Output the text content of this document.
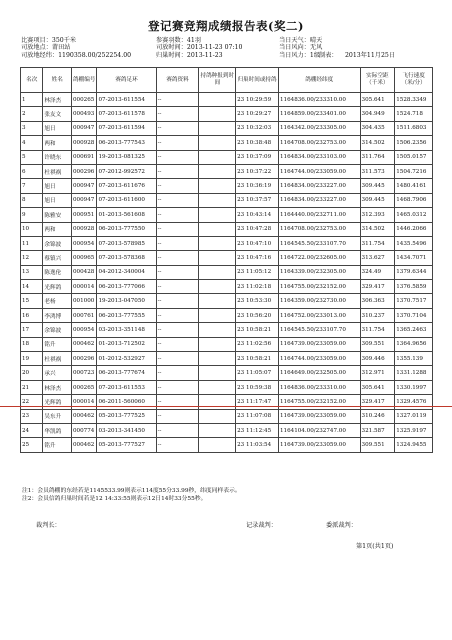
登记赛竞翔成绩报告表(奖二)
比赛项目：350千米
司放地点：莆田站
司放地经纬：1190358.00/252254.00
参赛羽数：41羽
司放时间：2013-11-23 07:10
归巢时间：2013-11-23
当日天气：晴天
当日风向：无风
当日风力：1级
制表： 2013年11月25日
名次	姓名	鸽棚编号	赛鸽足环	赛鸽资料	持鸽种报到时间	归巢时间或持鸽	鸽棚经纬度	实际空距（千米）	飞行速度（米/分）
1	林泽杰	000265	07-2013-611554	--		23 10:29:59	1164836.00/233310.00	305.641	1528.3349
2	张友文	000493	07-2013-611578	--		23 10:29:27	1164859.00/233401.00	304.949	1524.718
3	旭日	000947	07-2013-611594	--		23 10:32:03	1164342.00/233305.00	304.435	1511.6803
4	两和	000928	06-2013-777543	--		23 10:38:48	1164708.00/232753.00	314.502	1506.2356
5	许晓东	000691	19-2013-081325	--		23 10:37:09	1164834.00/233103.00	311.764	1505.0157
6	杜祺祸	000296	07-2012-992572	--		23 10:37:22	1164744.00/233059.00	311.573	1504.7216
7	旭日	000947	07-2013-611676	--		23 10:36:19	1164834.00/233227.00	309.445	1480.4161
8	旭日	000947	07-2013-611600	--		23 10:37:57	1164834.00/233227.00	309.445	1468.7906
9	陈雅安	000951	01-2013-561608	--		23 10:43:14	1164440.00/232711.00	312.393	1465.0312
10	两和	000928	06-2013-777550	--		23 10:47:28	1164708.00/232753.00	314.502	1446.2066
11	余锦波	000954	07-2013-578985	--		23 10:47:10	1164545.50/233107.70	311.754	1435.5496
12	蔡镇兴	000965	07-2013-578368	--		23 10:47:16	1164722.00/232605.00	313.627	1434.7071
13	陈逸伦	000428	04-2012-340004	--		23 11:05:12	1164339.00/232305.00	324.49	1379.6344
14	光辉鸽	000014	06-2013-777066	--		23 11:02:18	1164755.00/232152.00	329.417	1376.5859
15	老杨	001000	19-2013-047050	--		23 10:53:30	1164359.00/232730.00	306.363	1370.7517
16	李鸿博	000761	06-2013-777555	--		23 10:56:20	1164752.00/233013.00	310.237	1370.7104
17	余锦波	000954	03-2013-351148	--		23 10:58:21	1164545.50/233107.70	311.754	1365.2463
18	铭升	000462	01-2013-712502	--		23 11:02:56	1164739.00/233059.00	309.551	1364.9656
19	杜祺祸	000296	01-2012-532927	--		23 10:58:21	1164744.00/233059.00	309.446	1355.139
20	承兴	000723	06-2013-777674	--		23 11:05:07	1164649.00/232505.00	312.971	1331.1288
21	林泽杰	000265	07-2013-611553	--		23 10:59:38	1164836.00/233310.00	305.641	1330.1997
22	光辉鸽	000014	06-2011-560060	--		23 11:17:47	1164755.00/232152.00	329.417	1329.4576
23	吴东升	000462	05-2013-777525	--		23 11:07:08	1164739.00/233059.00	310.246	1327.0119
24	华凯鸽	000774	03-2013-341450	--		23 11:12:45	1164104.00/232747.00	321.587	1325.9197
25	铭升	000462	05-2013-777527	--		23 11:03:54	1164739.00/233059.00	309.551	1324.9455
注1：会员鸽棚的东经若是1145533.99则表示114度55分33.99秒，纬度同样表示。
注2：会员信鸽归巢时间若是12 14:33:55则表示12日14时33分55秒。
裁判长：	记录裁判：	委派裁判：
第1页(共1页)
